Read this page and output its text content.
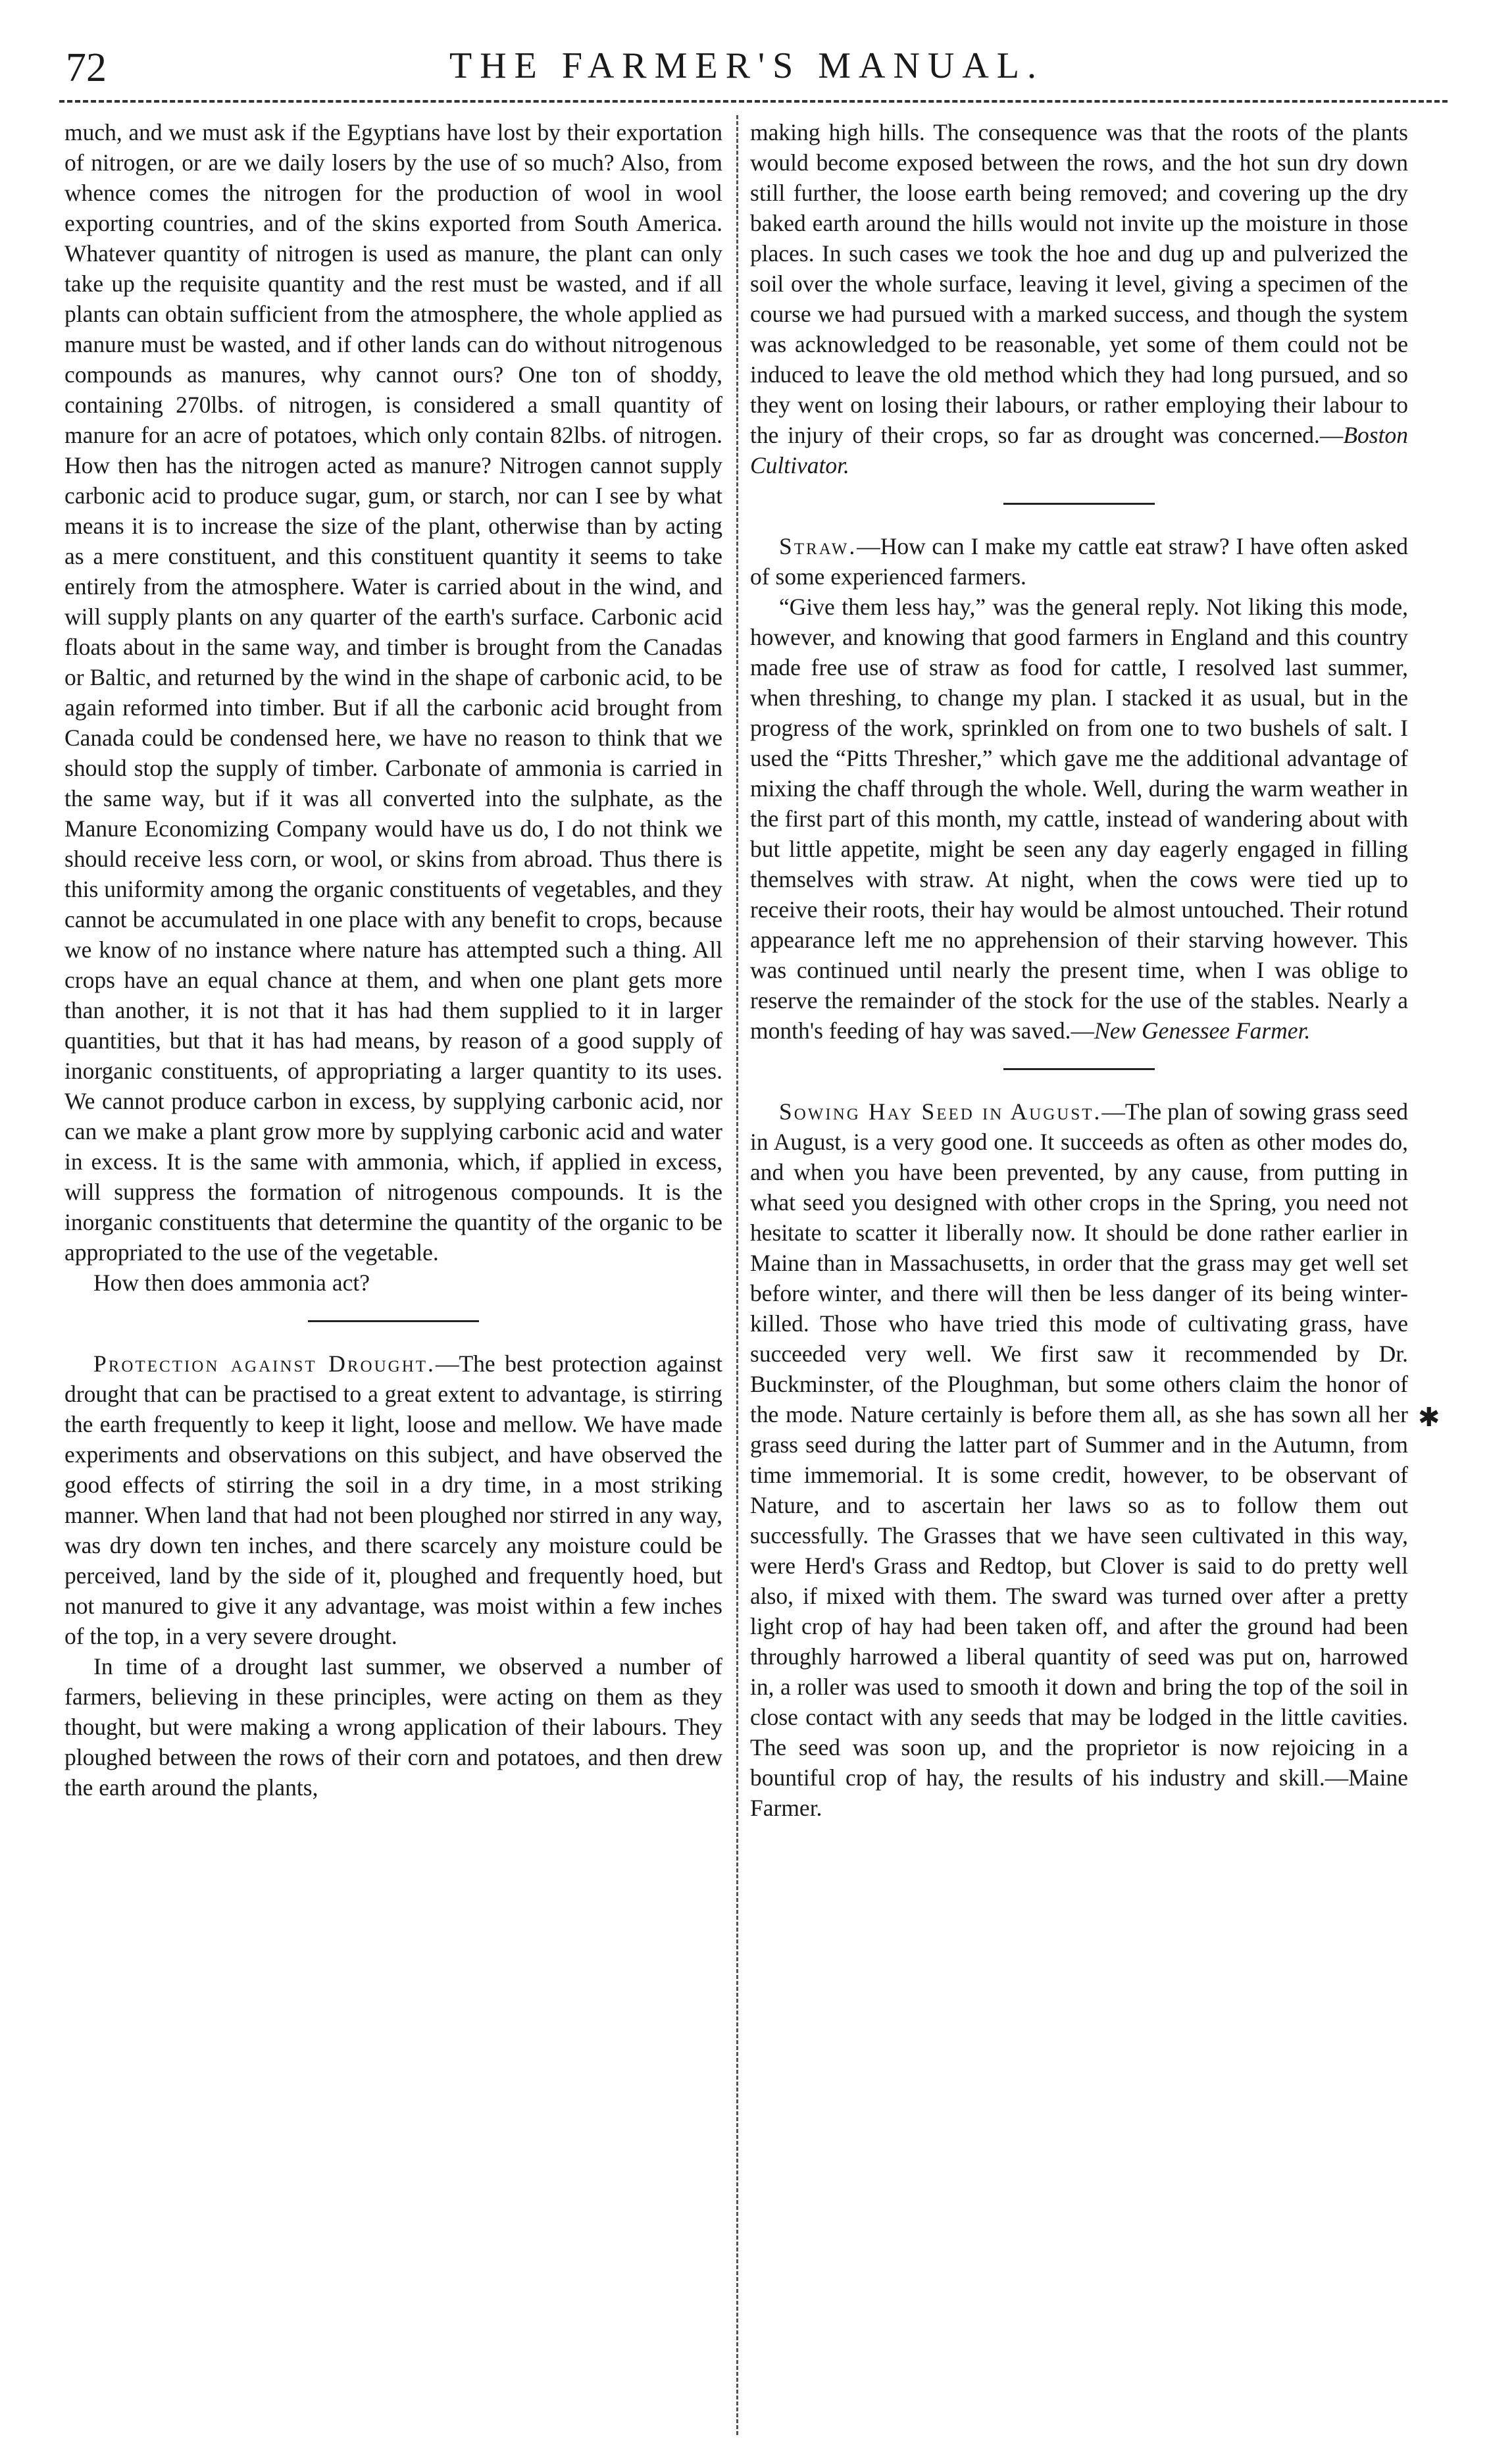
72	THE FARMER'S MANUAL.

much, and we must ask if the Egyptians have lost by their exportation of nitrogen, or are we daily losers by the use of so much? Also, from whence comes the nitrogen for the production of wool in wool exporting countries, and of the skins exported from South America. Whatever quantity of nitrogen is used as manure, the plant can only take up the requisite quantity and the rest must be wasted, and if all plants can obtain sufficient from the atmosphere, the whole applied as manure must be wasted, and if other lands can do without nitrogenous compounds as manures, why cannot ours? One ton of shoddy, containing 270lbs. of nitrogen, is considered a small quantity of manure for an acre of potatoes, which only contain 82lbs. of nitrogen. How then has the nitrogen acted as manure? Nitrogen cannot supply carbonic acid to produce sugar, gum, or starch, nor can I see by what means it is to increase the size of the plant, otherwise than by acting as a mere constituent, and this constituent quantity it seems to take entirely from the atmosphere. Water is carried about in the wind, and will supply plants on any quarter of the earth's surface. Carbonic acid floats about in the same way, and timber is brought from the Canadas or Baltic, and returned by the wind in the shape of carbonic acid, to be again reformed into timber. But if all the carbonic acid brought from Canada could be condensed here, we have no reason to think that we should stop the supply of timber. Carbonate of ammonia is carried in the same way, but if it was all converted into the sulphate, as the Manure Economizing Company would have us do, I do not think we should receive less corn, or wool, or skins from abroad. Thus there is this uniformity among the organic constituents of vegetables, and they cannot be accumulated in one place with any benefit to crops, because we know of no instance where nature has attempted such a thing. All crops have an equal chance at them, and when one plant gets more than another, it is not that it has had them supplied to it in larger quantities, but that it has had means, by reason of a good supply of inorganic constituents, of appropriating a larger quantity to its uses. We cannot produce carbon in excess, by supplying carbonic acid, nor can we make a plant grow more by supplying carbonic acid and water in excess. It is the same with ammonia, which, if applied in excess, will suppress the formation of nitrogenous compounds. It is the inorganic constituents that determine the quantity of the organic to be appropriated to the use of the vegetable.

How then does ammonia act?

Protection against Drought.—The best protection against drought that can be practised to a great extent to advantage, is stirring the earth frequently to keep it light, loose and mellow. We have made experiments and observations on this subject, and have observed the good effects of stirring the soil in a dry time, in a most striking manner. When land that had not been ploughed nor stirred in any way, was dry down ten inches, and there scarcely any moisture could be perceived, land by the side of it, ploughed and frequently hoed, but not manured to give it any advantage, was moist within a few inches of the top, in a very severe drought.

In time of a drought last summer, we observed a number of farmers, believing in these principles, were acting on them as they thought, but were making a wrong application of their labours. They ploughed between the rows of their corn and potatoes, and then drew the earth around the plants,

making high hills. The consequence was that the roots of the plants would become exposed between the rows, and the hot sun dry down still further, the loose earth being removed; and covering up the dry baked earth around the hills would not invite up the moisture in those places. In such cases we took the hoe and dug up and pulverized the soil over the whole surface, leaving it level, giving a specimen of the course we had pursued with a marked success, and though the system was acknowledged to be reasonable, yet some of them could not be induced to leave the old method which they had long pursued, and so they went on losing their labours, or rather employing their labour to the injury of their crops, so far as drought was concerned.—Boston Cultivator.

Straw.—How can I make my cattle eat straw? I have often asked of some experienced farmers.

“Give them less hay,” was the general reply. Not liking this mode, however, and knowing that good farmers in England and this country made free use of straw as food for cattle, I resolved last summer, when threshing, to change my plan. I stacked it as usual, but in the progress of the work, sprinkled on from one to two bushels of salt. I used the “Pitts Thresher,” which gave me the additional advantage of mixing the chaff through the whole. Well, during the warm weather in the first part of this month, my cattle, instead of wandering about with but little appetite, might be seen any day eagerly engaged in filling themselves with straw. At night, when the cows were tied up to receive their roots, their hay would be almost untouched. Their rotund appearance left me no apprehension of their starving however. This was continued until nearly the present time, when I was oblige to reserve the remainder of the stock for the use of the stables. Nearly a month's feeding of hay was saved.—New Genessee Farmer.

Sowing Hay Seed in August.—The plan of sowing grass seed in August, is a very good one. It succeeds as often as other modes do, and when you have been prevented, by any cause, from putting in what seed you designed with other crops in the Spring, you need not hesitate to scatter it liberally now. It should be done rather earlier in Maine than in Massachusetts, in order that the grass may get well set before winter, and there will then be less danger of its being winter-killed. Those who have tried this mode of cultivating grass, have succeeded very well. We first saw it recommended by Dr. Buckminster, of the Ploughman, but some others claim the honor of the mode. Nature certainly is before them all, as she has sown all her grass seed during the latter part of Summer and in the Autumn, from time immemorial. It is some credit, however, to be observant of Nature, and to ascertain her laws so as to follow them out successfully. The Grasses that we have seen cultivated in this way, were Herd's Grass and Redtop, but Clover is said to do pretty well also, if mixed with them. The sward was turned over after a pretty light crop of hay had been taken off, and after the ground had been throughly harrowed a liberal quantity of seed was put on, harrowed in, a roller was used to smooth it down and bring the top of the soil in close contact with any seeds that may be lodged in the little cavities. The seed was soon up, and the proprietor is now rejoicing in a bountiful crop of hay, the results of his industry and skill.—Maine Farmer.

✱
